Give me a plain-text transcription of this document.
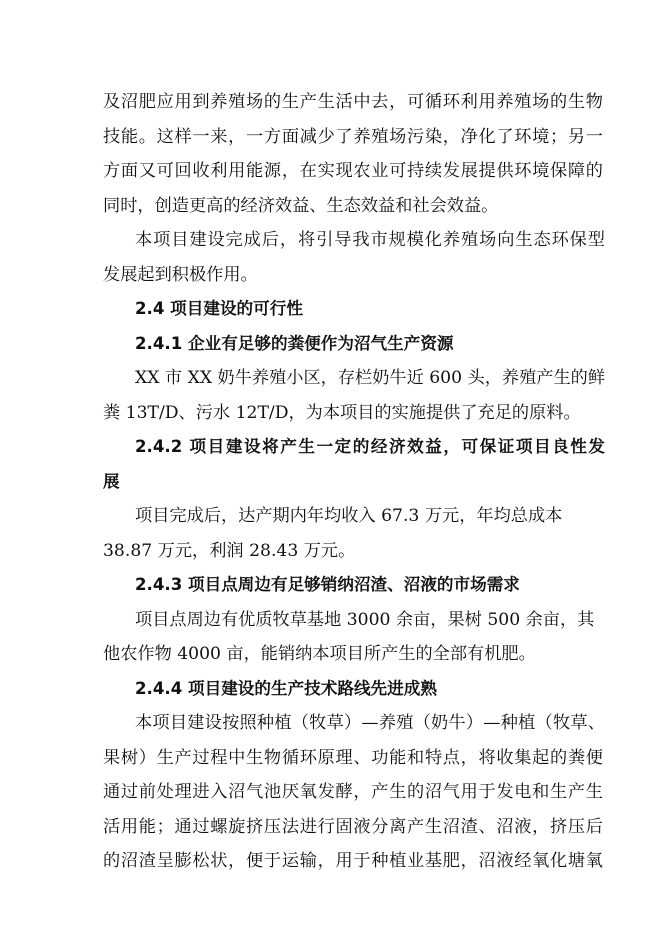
及沼肥应用到养殖场的生产生活中去，可循环利用养殖场的生物
技能。这样一来，一方面减少了养殖场污染，净化了环境；另一
方面又可回收利用能源，在实现农业可持续发展提供环境保障的
同时，创造更高的经济效益、生态效益和社会效益。
本项目建设完成后，将引导我市规模化养殖场向生态环保型
发展起到积极作用。
2.4 项目建设的可行性
2.4.1 企业有足够的粪便作为沼气生产资源
XX 市 XX 奶牛养殖小区，存栏奶牛近 600 头，养殖产生的鲜
粪 13T/D、污水 12T/D，为本项目的实施提供了充足的原料。
2.4.2 项目建设将产生一定的经济效益，可保证项目良性发
展
项目完成后，达产期内年均收入 67.3 万元，年均总成本
38.87 万元，利润 28.43 万元。
2.4.3 项目点周边有足够销纳沼渣、沼液的市场需求
项目点周边有优质牧草基地 3000 余亩，果树 500 余亩，其
他农作物 4000 亩，能销纳本项目所产生的全部有机肥。
2.4.4 项目建设的生产技术路线先进成熟
本项目建设按照种植（牧草）—养殖（奶牛）—种植（牧草、
果树）生产过程中生物循环原理、功能和特点，将收集起的粪便
通过前处理进入沼气池厌氧发酵，产生的沼气用于发电和生产生
活用能；通过螺旋挤压法进行固液分离产生沼渣、沼液，挤压后
的沼渣呈膨松状，便于运输，用于种植业基肥，沼液经氧化塘氧
